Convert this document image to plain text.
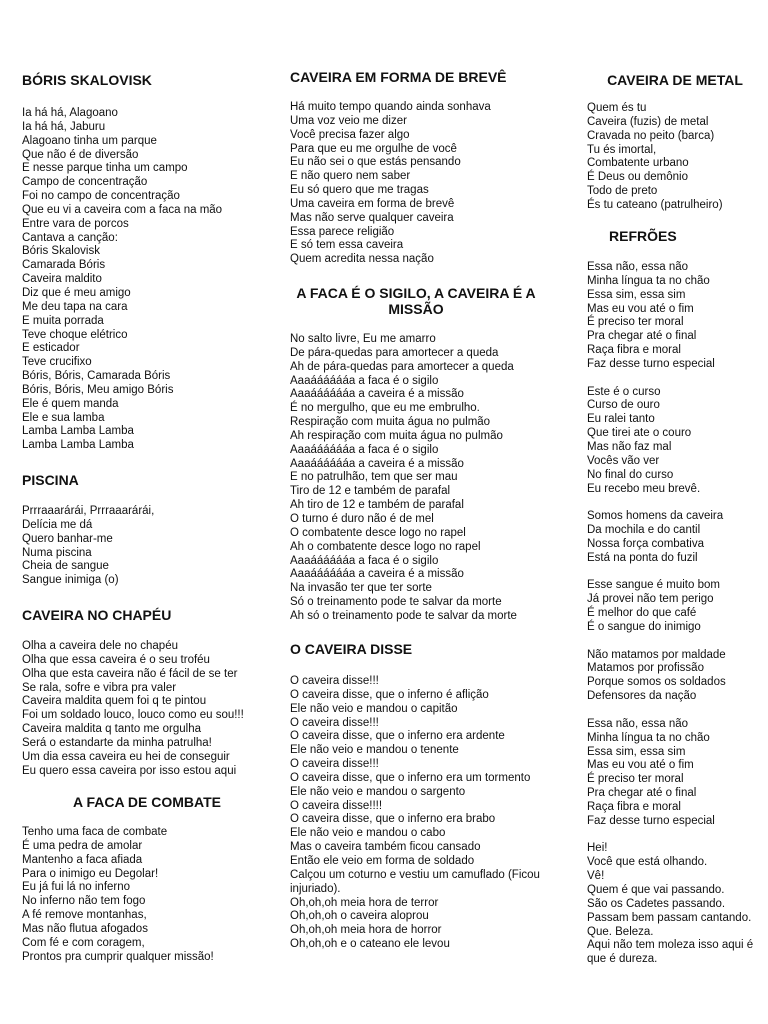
BÓRIS SKALOVISK
Ia há há, Alagoano
Ia há há, Jaburu
Alagoano tinha um parque
Que não é de diversão
E nesse parque tinha um campo
Campo de concentração
Foi no campo de concentração
Que eu vi a caveira com a faca na mão
Entre vara de porcos
Cantava a canção:
Bóris Skalovisk
Camarada Bóris
Caveira maldito
Diz que é meu amigo
Me deu tapa na cara
E muita porrada
Teve choque elétrico
E esticador
Teve crucifixo
Bóris, Bóris, Camarada Bóris
Bóris, Bóris, Meu amigo Bóris
Ele é quem manda
Ele e sua lamba
Lamba Lamba Lamba
Lamba Lamba Lamba
PISCINA
Prrraaarárái, Prrraaarárái,
Delícia me dá
Quero banhar-me
Numa piscina
Cheia de sangue
Sangue inimiga (o)
CAVEIRA NO CHAPÉU
Olha a caveira dele no chapéu
Olha que essa caveira é o seu troféu
Olha que esta caveira não é fácil de se ter
Se rala, sofre e vibra pra valer
Caveira maldita quem foi q te pintou
Foi um soldado louco, louco como eu sou!!!
Caveira maldita q tanto me orgulha
Será o estandarte da minha patrulha!
Um dia essa caveira eu hei de conseguir
Eu quero essa caveira por isso estou aqui
A FACA DE COMBATE
Tenho uma faca de combate
É uma pedra de amolar
Mantenho a faca afiada
Para o inimigo eu Degolar!
Eu já fui lá no inferno
No inferno não tem fogo
A fé remove montanhas,
Mas não flutua afogados
Com fé e com coragem,
Prontos pra cumprir qualquer missão!
CAVEIRA EM FORMA DE BREVÊ
Há muito tempo quando ainda sonhava
Uma voz veio me dizer
Você precisa fazer algo
Para que eu me orgulhe de você
Eu não sei o que estás pensando
E não quero nem saber
Eu só quero que me tragas
Uma caveira em forma de brevê
Mas não serve qualquer caveira
Essa parece religião
E só tem essa caveira
Quem acredita nessa nação
A FACA É O SIGILO, A CAVEIRA É A MISSÃO
No salto livre, Eu me amarro
De pára-quedas para amortecer a queda
Ah de pára-quedas para amortecer a queda
Aaaááááááa a faca é o sigilo
Aaaááááááa a caveira é a missão
É no mergulho, que eu me embrulho.
Respiração com muita água no pulmão
Ah respiração com muita água no pulmão
Aaaááááááa a faca é o sigilo
Aaaááááááa a caveira é a missão
E no patrulhão, tem que ser mau
Tiro de 12 e também de parafal
Ah tiro de 12 e também de parafal
O turno é duro não é de mel
O combatente desce logo no rapel
Ah o combatente desce logo no rapel
Aaaááááááa a faca é o sigilo
Aaaááááááa a caveira é a missão
Na invasão ter que ter sorte
Só o treinamento pode te salvar da morte
Ah só o treinamento pode te salvar da morte
O CAVEIRA DISSE
O caveira disse!!!
O caveira disse, que o inferno é aflição
Ele não veio e mandou o capitão
O caveira disse!!!
O caveira disse, que o inferno era ardente
Ele não veio e mandou o tenente
O caveira disse!!!
O caveira disse, que o inferno era um tormento
Ele não veio e mandou o sargento
O caveira disse!!!!
O caveira disse, que o inferno era brabo
Ele não veio e mandou o cabo
Mas o caveira também ficou cansado
Então ele veio em forma de soldado
Calçou um coturno e vestiu um camuflado (Ficou injuriado).
Oh,oh,oh meia hora de terror
Oh,oh,oh o caveira aloprou
Oh,oh,oh meia hora de horror
Oh,oh,oh e o cateano ele levou
CAVEIRA DE METAL
Quem és tu
Caveira (fuzis) de metal
Cravada no peito (barca)
Tu és imortal,
Combatente urbano
É Deus ou demônio
Todo de preto
És tu cateano (patrulheiro)
REFRÕES
Essa não, essa não
Minha língua ta no chão
Essa sim, essa sim
Mas eu vou até o fim
É preciso ter moral
Pra chegar até o final
Raça fibra e moral
Faz desse turno especial
Este é o curso
Curso de ouro
Eu ralei tanto
Que tirei ate o couro
Mas não faz mal
Vocês vão ver
No final do curso
Eu recebo meu brevê.
Somos homens da caveira
Da mochila e do cantil
Nossa força combativa
Está na ponta do fuzil
Esse sangue é muito bom
Já provei não tem perigo
É melhor do que café
É o sangue do inimigo
Não matamos por maldade
Matamos por profissão
Porque somos os soldados
Defensores da nação
Essa não, essa não
Minha língua ta no chão
Essa sim, essa sim
Mas eu vou até o fim
É preciso ter moral
Pra chegar até o final
Raça fibra e moral
Faz desse turno especial
Hei!
Você que está olhando.
Vê!
Quem é que vai passando.
São os Cadetes passando.
Passam bem passam cantando.
Que. Beleza.
Aqui não tem moleza isso aqui é que é dureza.
